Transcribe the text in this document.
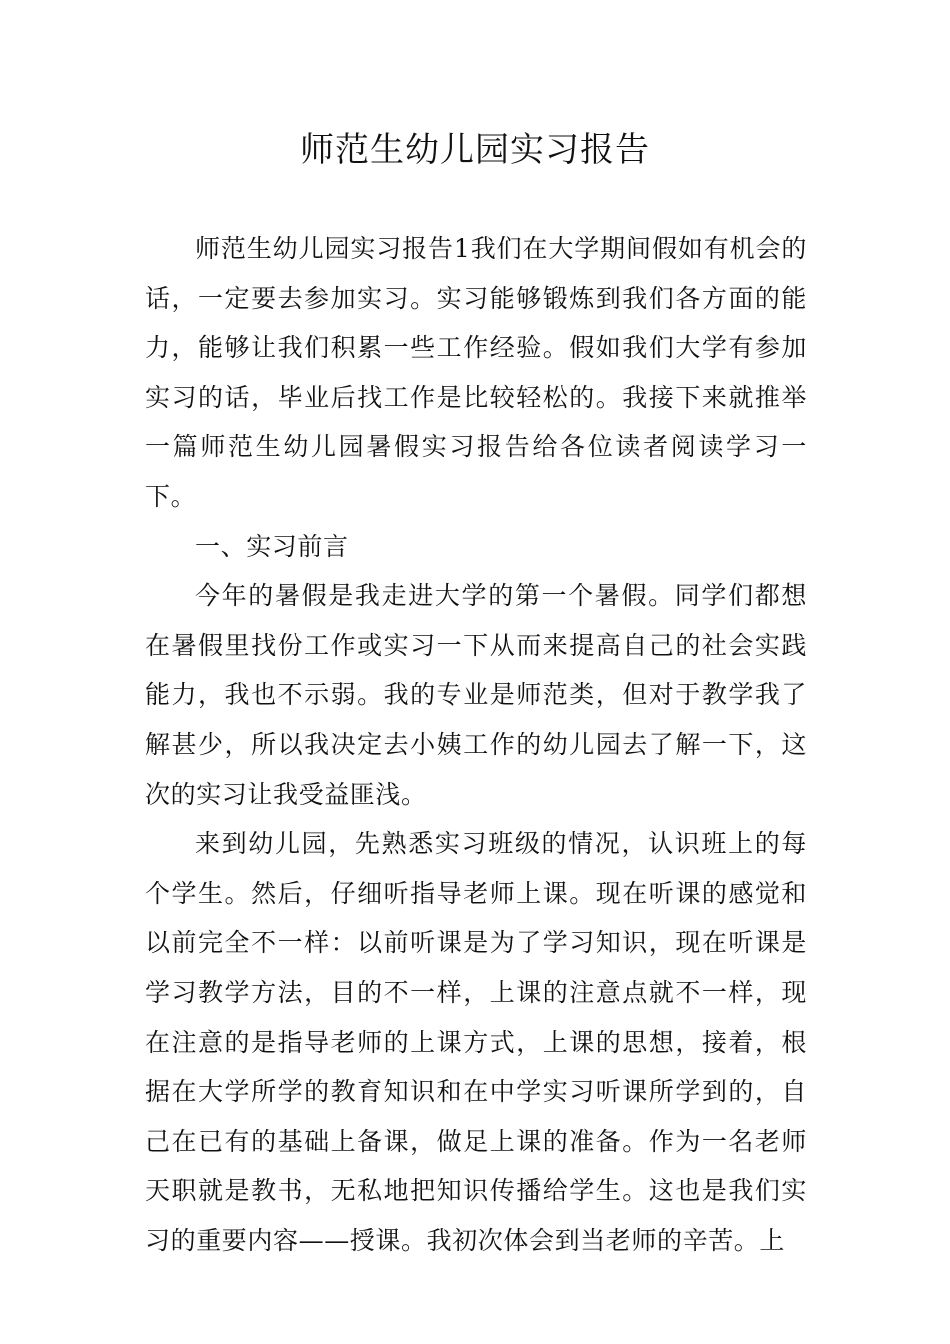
师范生幼儿园实习报告

师范生幼儿园实习报告1我们在大学期间假如有机会的话，一定要去参加实习。实习能够锻炼到我们各方面的能力，能够让我们积累一些工作经验。假如我们大学有参加实习的话，毕业后找工作是比较轻松的。我接下来就推举一篇师范生幼儿园暑假实习报告给各位读者阅读学习一下。

一、实习前言

今年的暑假是我走进大学的第一个暑假。同学们都想在暑假里找份工作或实习一下从而来提高自己的社会实践能力，我也不示弱。我的专业是师范类，但对于教学我了解甚少，所以我决定去小姨工作的幼儿园去了解一下，这次的实习让我受益匪浅。

来到幼儿园，先熟悉实习班级的情况，认识班上的每个学生。然后，仔细听指导老师上课。现在听课的感觉和以前完全不一样：以前听课是为了学习知识，现在听课是学习教学方法，目的不一样，上课的注意点就不一样，现在注意的是指导老师的上课方式，上课的思想，接着，根据在大学所学的教育知识和在中学实习听课所学到的，自己在已有的基础上备课，做足上课的准备。作为一名老师天职就是教书，无私地把知识传播给学生。这也是我们实习的重要内容——授课。我初次体会到当老师的辛苦。上
